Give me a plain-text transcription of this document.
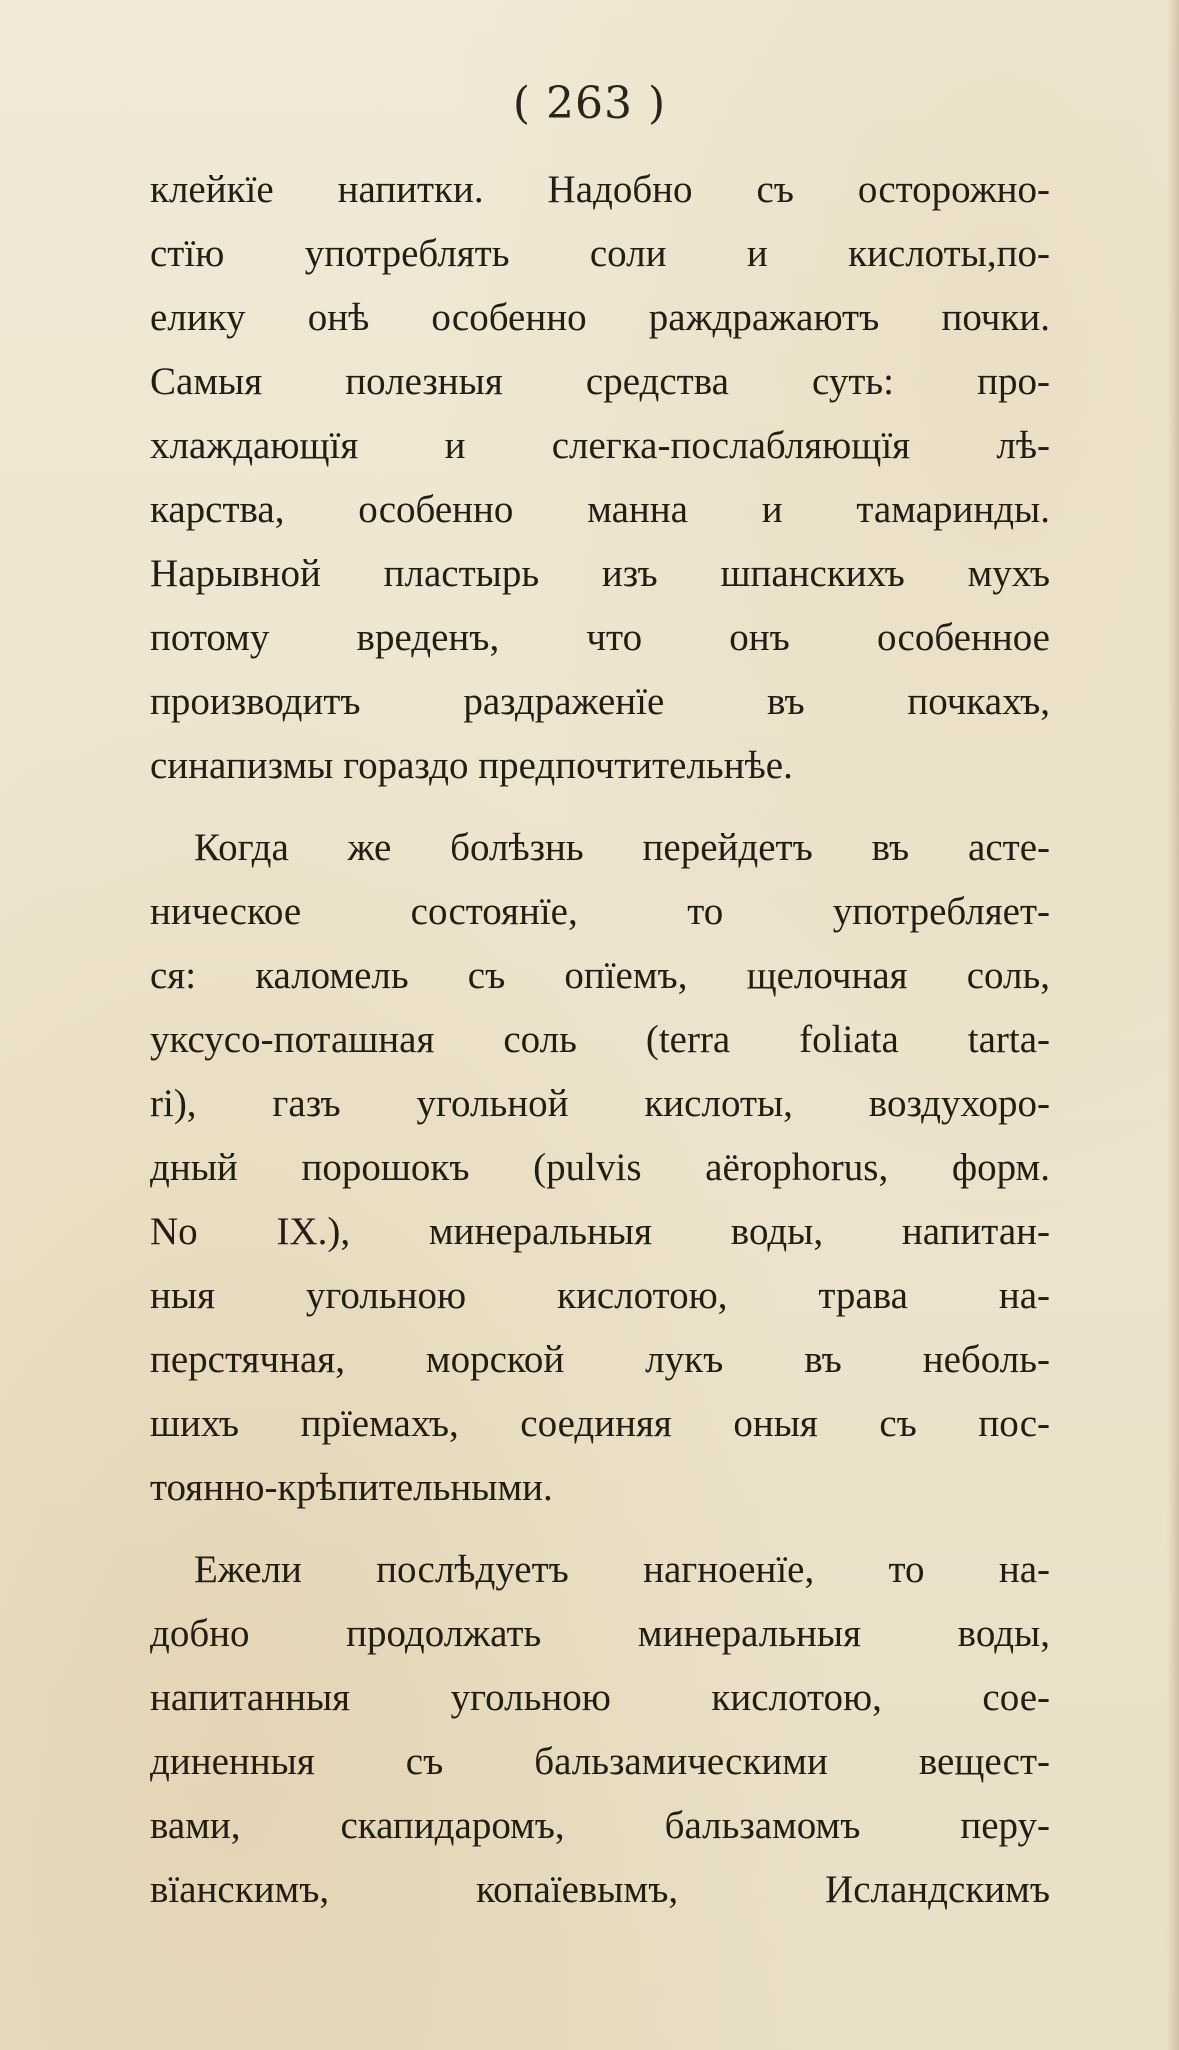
( 263 )
клейкїе напитки. Надобно съ осторожно-
стїю употреблять соли и кислоты,по-
елику онѣ особенно раждражаютъ почки.
Самыя полезныя средства суть: про-
хлаждающїя и слегка-послабляющїя лѣ-
карства, особенно манна и тамаринды.
Нарывной пластырь изъ шпанскихъ мухъ
потому вреденъ, что онъ особенное
производитъ раздраженїе въ почкахъ,
синапизмы гораздо предпочтительнѣе.
Когда же болѣзнь перейдетъ въ асте-
ническое состоянїе, то употребляет-
ся: каломель съ опїемъ, щелочная соль,
уксусо-поташная соль (terra foliata tarta-
ri), газъ угольной кислоты, воздухоро-
дный порошокъ (pulvis aërophorus, форм.
No IX.), минеральныя воды, напитан-
ныя угольною кислотою, трава на-
перстячная, морской лукъ въ неболь-
шихъ прїемахъ, соединяя оныя съ пос-
тоянно-крѣпительными.
Ежели послѣдуетъ нагноенїе, то на-
добно продолжать минеральныя воды,
напитанныя угольною кислотою, сое-
диненныя съ бальзамическими вещест-
вами, скапидаромъ, бальзамомъ перу-
вїанскимъ, копаїевымъ, Исландскимъ
